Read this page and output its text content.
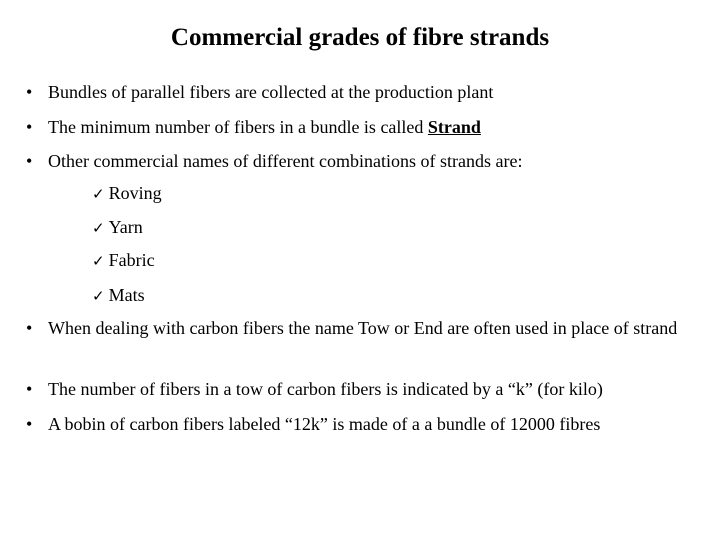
Commercial grades of fibre strands
• Bundles of parallel fibers are collected at the production plant
• The minimum number of fibers in a bundle is called Strand
• Other commercial names of different combinations of strands are:
✓ Roving
✓ Yarn
✓ Fabric
✓ Mats
• When dealing with carbon fibers the name Tow or End are often used in place of strand
• The number of fibers in a tow of carbon fibers is indicated by a “k” (for kilo)
• A bobin of carbon fibers labeled “12k” is made of a a bundle of 12000 fibres
